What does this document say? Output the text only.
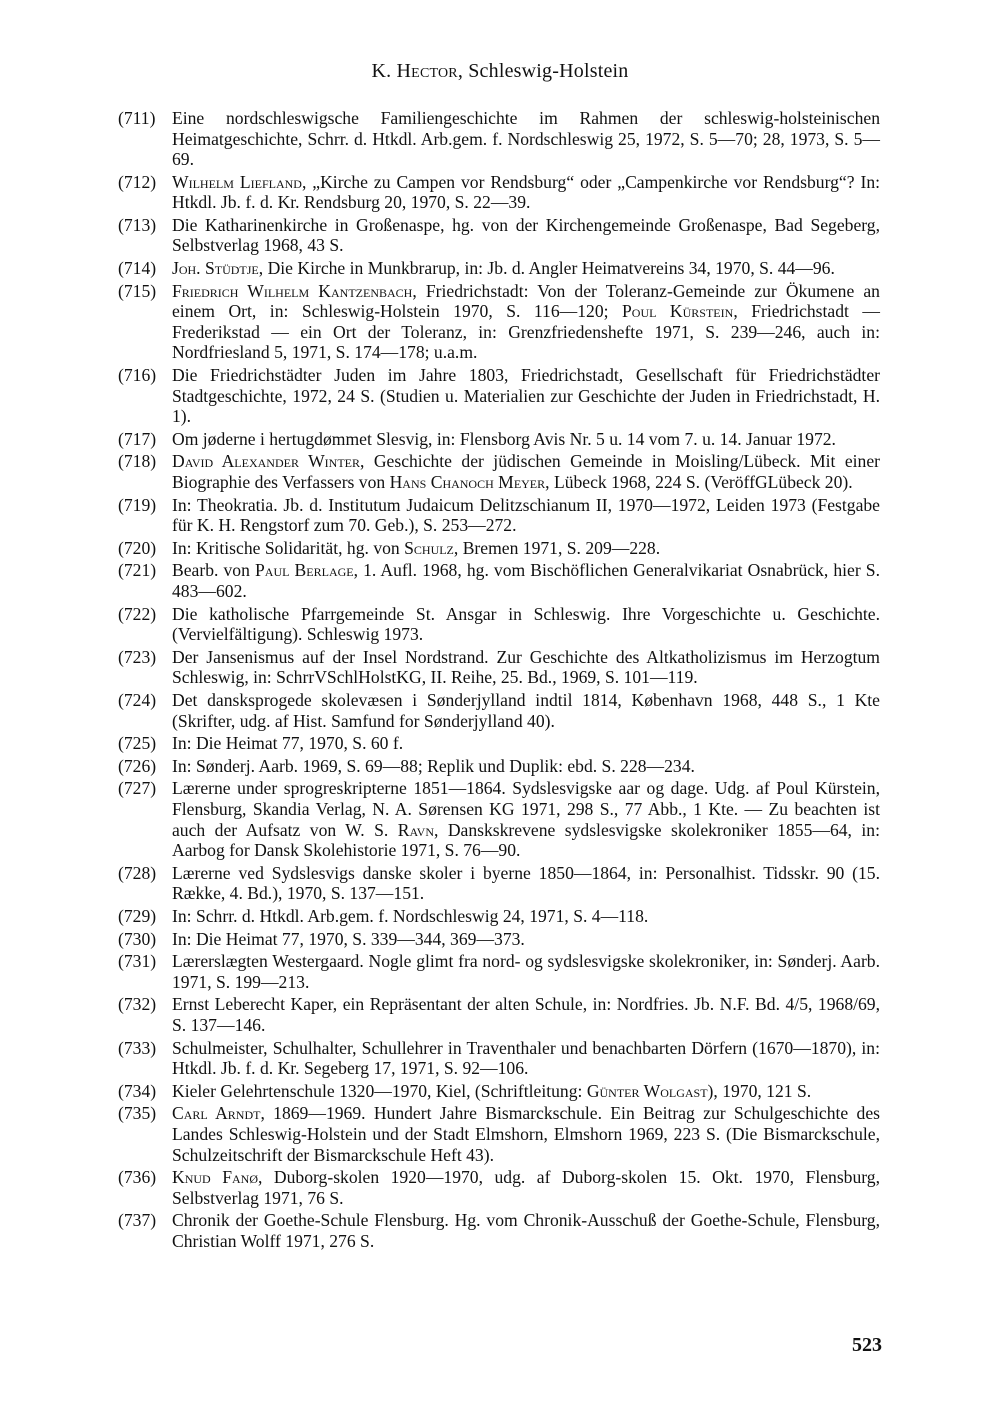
K. Hector, Schleswig-Holstein
(711) Eine nordschleswigsche Familiengeschichte im Rahmen der schleswig-holsteinischen Heimatgeschichte, Schrr. d. Htkdl. Arb.gem. f. Nordschleswig 25, 1972, S. 5—70; 28, 1973, S. 5—69.
(712) Wilhelm Liefland, „Kirche zu Campen vor Rendsburg“ oder „Campenkirche vor Rendsburg“? In: Htkdl. Jb. f. d. Kr. Rendsburg 20, 1970, S. 22—39.
(713) Die Katharinenkirche in Großenaspe, hg. von der Kirchengemeinde Großenaspe, Bad Segeberg, Selbstverlag 1968, 43 S.
(714) Joh. Stüdtje, Die Kirche in Munkbrarup, in: Jb. d. Angler Heimatvereins 34, 1970, S. 44—96.
(715) Friedrich Wilhelm Kantzenbach, Friedrichstadt: Von der Toleranz-Gemeinde zur Ökumene an einem Ort, in: Schleswig-Holstein 1970, S. 116—120; Poul Kürstein, Friedrichstadt — Frederikstad — ein Ort der Toleranz, in: Grenzfriedenshefte 1971, S. 239—246, auch in: Nordfriesland 5, 1971, S. 174—178; u.a.m.
(716) Die Friedrichstädter Juden im Jahre 1803, Friedrichstadt, Gesellschaft für Friedrichstädter Stadtgeschichte, 1972, 24 S. (Studien u. Materialien zur Geschichte der Juden in Friedrichstadt, H. 1).
(717) Om jøderne i hertugdømmet Slesvig, in: Flensborg Avis Nr. 5 u. 14 vom 7. u. 14. Januar 1972.
(718) David Alexander Winter, Geschichte der jüdischen Gemeinde in Moisling/Lübeck. Mit einer Biographie des Verfassers von Hans Chanoch Meyer, Lübeck 1968, 224 S. (VeröffGLübeck 20).
(719) In: Theokratia. Jb. d. Institutum Judaicum Delitzschianum II, 1970—1972, Leiden 1973 (Festgabe für K. H. Rengstorf zum 70. Geb.), S. 253—272.
(720) In: Kritische Solidarität, hg. von Schulz, Bremen 1971, S. 209—228.
(721) Bearb. von Paul Berlage, 1. Aufl. 1968, hg. vom Bischöflichen Generalvikariat Osnabrück, hier S. 483—602.
(722) Die katholische Pfarrgemeinde St. Ansgar in Schleswig. Ihre Vorgeschichte u. Geschichte. (Vervielfältigung). Schleswig 1973.
(723) Der Jansenismus auf der Insel Nordstrand. Zur Geschichte des Altkatholizismus im Herzogtum Schleswig, in: SchrrVSchlHolstKG, II. Reihe, 25. Bd., 1969, S. 101—119.
(724) Det dansksprogede skolevæsen i Sønderjylland indtil 1814, København 1968, 448 S., 1 Kte (Skrifter, udg. af Hist. Samfund for Sønderjylland 40).
(725) In: Die Heimat 77, 1970, S. 60 f.
(726) In: Sønderj. Aarb. 1969, S. 69—88; Replik und Duplik: ebd. S. 228—234.
(727) Lærerne under sprogreskripterne 1851—1864. Sydslesvigske aar og dage. Udg. af Poul Kürstein, Flensburg, Skandia Verlag, N. A. Sørensen KG 1971, 298 S., 77 Abb., 1 Kte. — Zu beachten ist auch der Aufsatz von W. S. Ravn, Danskskrevene sydslesvigske skolekroniker 1855—64, in: Aarbog for Dansk Skolehistorie 1971, S. 76—90.
(728) Lærerne ved Sydslesvigs danske skoler i byerne 1850—1864, in: Personalhist. Tidsskr. 90 (15. Række, 4. Bd.), 1970, S. 137—151.
(729) In: Schrr. d. Htkdl. Arb.gem. f. Nordschleswig 24, 1971, S. 4—118.
(730) In: Die Heimat 77, 1970, S. 339—344, 369—373.
(731) Lærerslægten Westergaard. Nogle glimt fra nord- og sydslesvigske skolekroniker, in: Sønderj. Aarb. 1971, S. 199—213.
(732) Ernst Leberecht Kaper, ein Repräsentant der alten Schule, in: Nordfries. Jb. N.F. Bd. 4/5, 1968/69, S. 137—146.
(733) Schulmeister, Schulhalter, Schullehrer in Traventhaler und benachbarten Dörfern (1670—1870), in: Htkdl. Jb. f. d. Kr. Segeberg 17, 1971, S. 92—106.
(734) Kieler Gelehrtenschule 1320—1970, Kiel, (Schriftleitung: Günter Wolgast), 1970, 121 S.
(735) Carl Arndt, 1869—1969. Hundert Jahre Bismarckschule. Ein Beitrag zur Schulgeschichte des Landes Schleswig-Holstein und der Stadt Elmshorn, Elmshorn 1969, 223 S. (Die Bismarckschule, Schulzeitschrift der Bismarckschule Heft 43).
(736) Knud Fanø, Duborg-skolen 1920—1970, udg. af Duborg-skolen 15. Okt. 1970, Flensburg, Selbstverlag 1971, 76 S.
(737) Chronik der Goethe-Schule Flensburg. Hg. vom Chronik-Ausschuß der Goethe-Schule, Flensburg, Christian Wolff 1971, 276 S.
523
